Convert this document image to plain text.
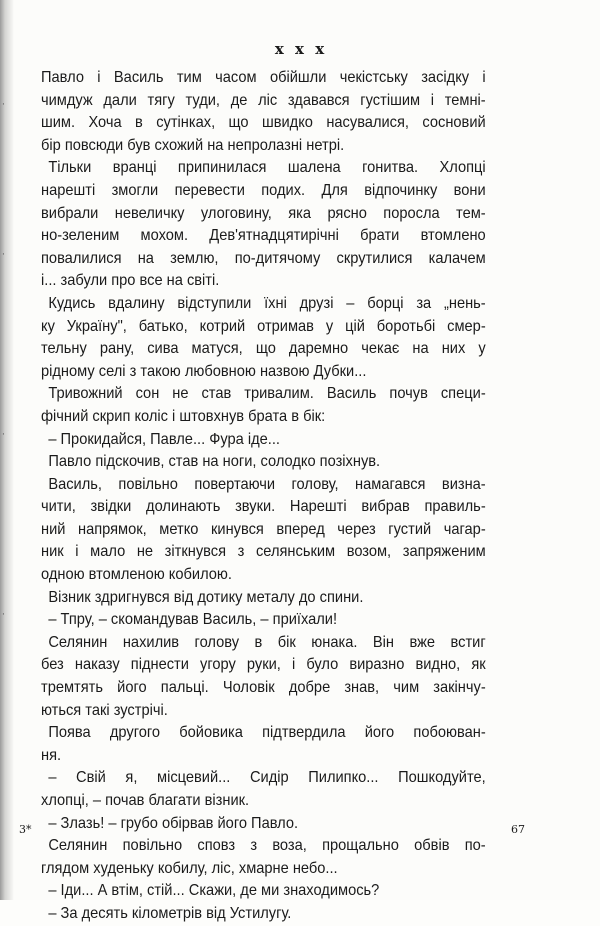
·
·
·
·
x x x
Павло і Василь тим часом обійшли чекістську засідку і
чимдуж дали тягу туди, де ліс здавався густішим і темні-
шим. Хоча в сутінках, що швидко насувалися, сосновий
бір повсюди був схожий на непролазні нетрі.
Тільки вранці припинилася шалена гонитва. Хлопці
нарешті змогли перевести подих. Для відпочинку вони
вибрали невеличку улоговину, яка рясно поросла тем-
но-зеленим мохом. Дев'ятнадцятирічні брати втомлено
повалилися на землю, по-дитячому скрутилися калачем
і... забули про все на світі.
Кудись вдалину відступили їхні друзі – борці за „нень-
ку Україну", батько, котрий отримав у цій боротьбі смер-
тельну рану, сива матуся, що даремно чекає на них у
рідному селі з такою любовною назвою Дубки...
Тривожний сон не став тривалим. Василь почув специ-
фічний скрип коліс і штовхнув брата в бік:
– Прокидайся, Павле... Фура іде...
Павло підскочив, став на ноги, солодко позіхнув.
Василь, повільно повертаючи голову, намагався визна-
чити, звідки долинають звуки. Нарешті вибрав правиль-
ний напрямок, метко кинувся вперед через густий чагар-
ник і мало не зіткнувся з селянським возом, запряженим
одною втомленою кобилою.
Візник здригнувся від дотику металу до спини.
– Тпру, – скомандував Василь, – приїхали!
Селянин нахилив голову в бік юнака. Він вже встиг
без наказу піднести угору руки, і було виразно видно, як
тремтять його пальці. Чоловік добре знав, чим закінчу-
ються такі зустрічі.
Поява другого бойовика підтвердила його побоюван-
ня.
– Свій я, місцевий... Сидір Пилипко... Пошкодуйте,
хлопці, – почав благати візник.
– Злазь! – грубо обірвав його Павло.
Селянин повільно сповз з воза, прощально обвів по-
глядом худеньку кобилу, ліс, хмарне небо...
– Іди... А втім, стій... Скажи, де ми знаходимось?
– За десять кілометрів від Устилугу.
3*	67
